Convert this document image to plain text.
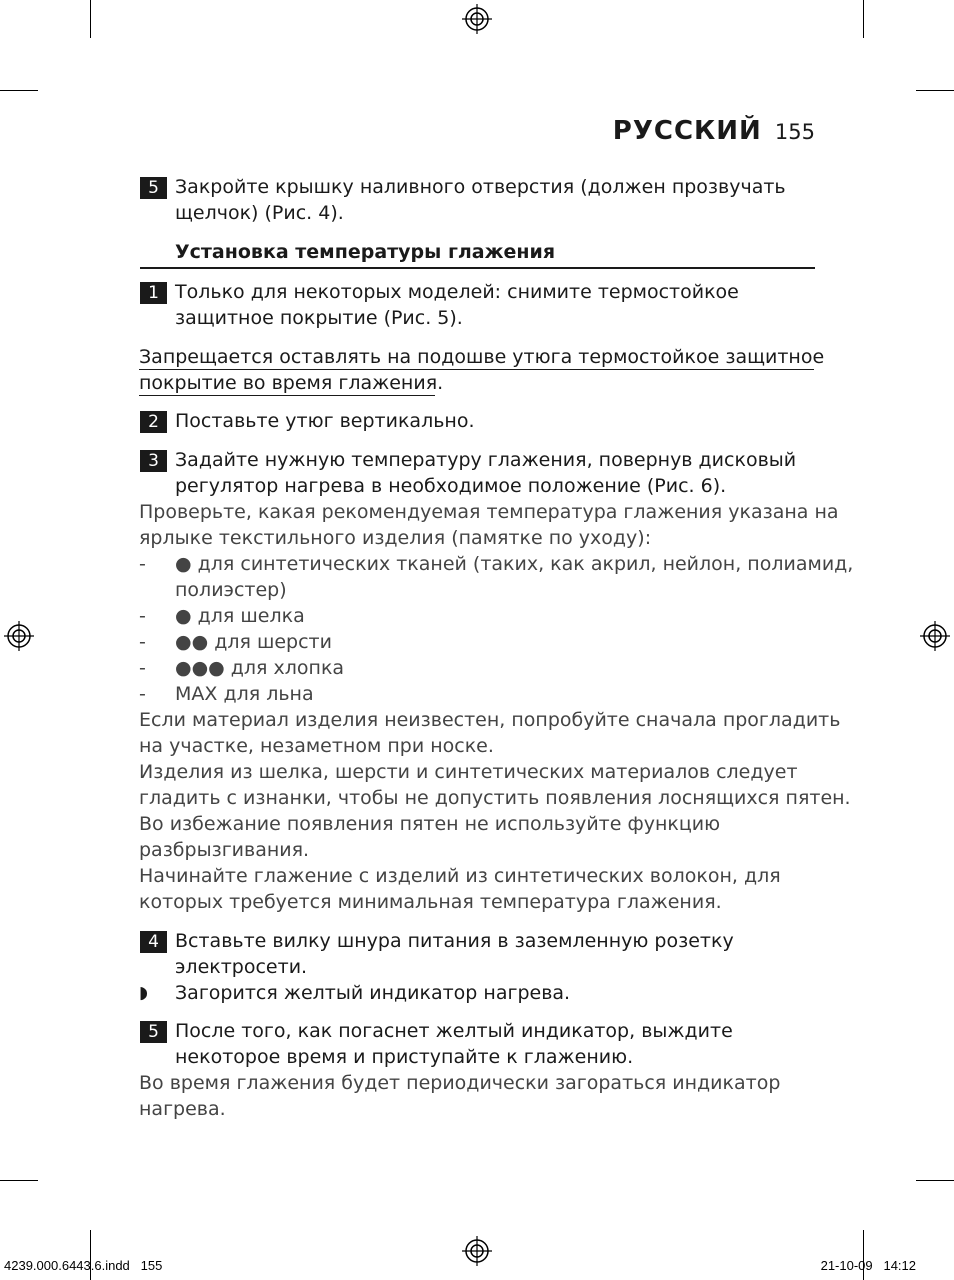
РУССКИЙ 155
5 Закройте крышку наливного отверстия (должен прозвучать
щелчок) (Рис. 4).
Установка температуры глажения
1 Только для некоторых моделей: снимите термостойкое
защитное покрытие (Рис. 5).
Запрещается оставлять на подошве утюга термостойкое защитное
покрытие во время глажения.
2 Поставьте утюг вертикально.
3 Задайте нужную температуру глажения, повернув дисковый
регулятор нагрева в необходимое положение (Рис. 6).
Проверьте, какая рекомендуемая температура глажения указана на
ярлыке текстильного изделия (памятке по уходу):
- ● для синтетических тканей (таких, как акрил, нейлон, полиамид,
полиэстер)
- ● для шелка
- ●● для шерсти
- ●●● для хлопка
- MAX для льна
Если материал изделия неизвестен, попробуйте сначала прогладить
на участке, незаметном при носке.
Изделия из шелка, шерсти и синтетических материалов следует
гладить с изнанки, чтобы не допустить появления лоснящихся пятен.
Во избежание появления пятен не используйте функцию
разбрызгивания.
Начинайте глажение с изделий из синтетических волокон, для
которых требуется минимальная температура глажения.
4 Вставьте вилку шнура питания в заземленную розетку
электросети.
◗ Загорится желтый индикатор нагрева.
5 После того, как погаснет желтый индикатор, выждите
некоторое время и приступайте к глажению.
Во время глажения будет периодически загораться индикатор
нагрева.
4239.000.6443.6.indd   155	21-10-09   14:12
